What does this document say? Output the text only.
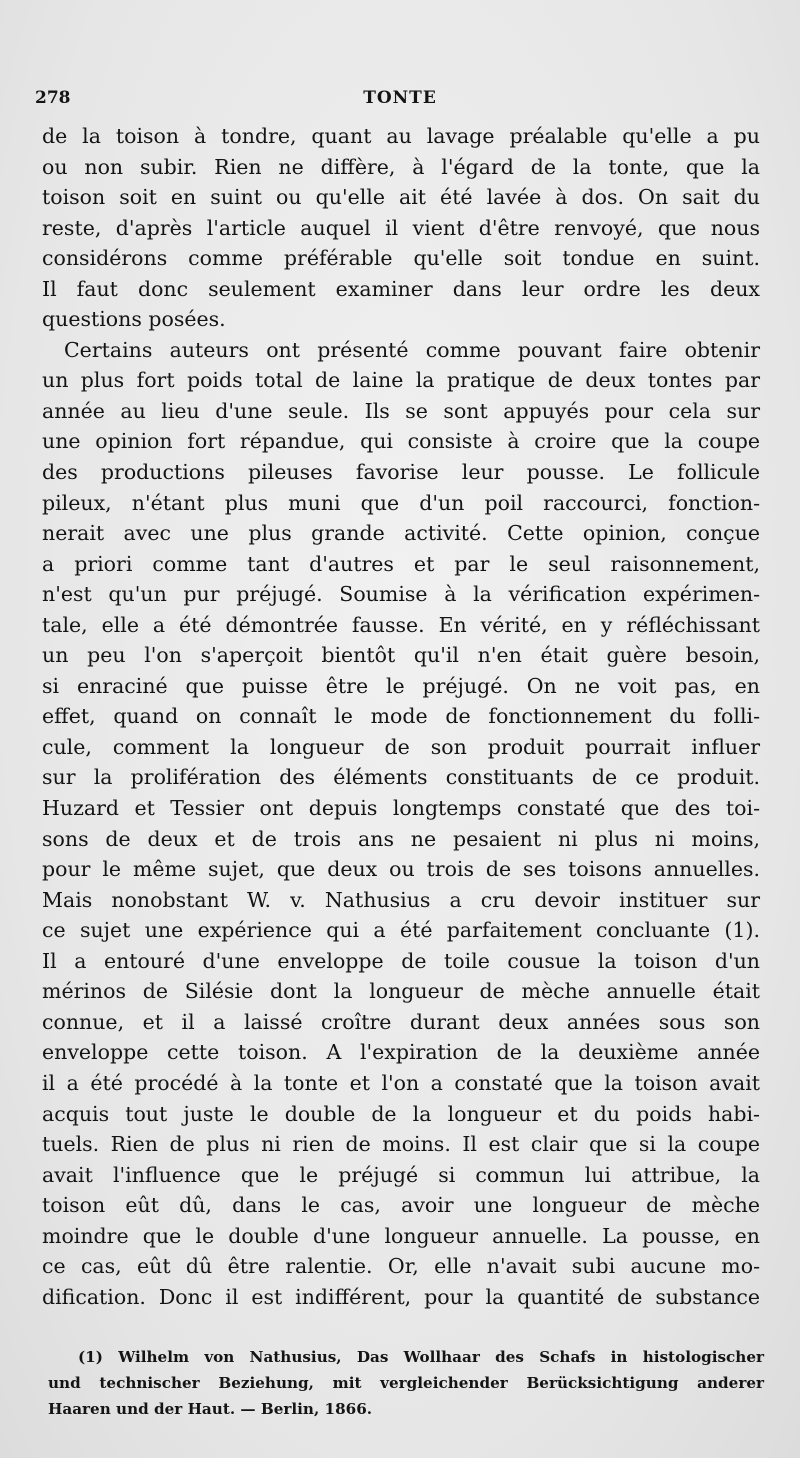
278	TONTE
de la toison à tondre, quant au lavage préalable qu'elle a pu
ou non subir. Rien ne diffère, à l'égard de la tonte, que la
toison soit en suint ou qu'elle ait été lavée à dos. On sait du
reste, d'après l'article auquel il vient d'être renvoyé, que nous
considérons comme préférable qu'elle soit tondue en suint.
Il faut donc seulement examiner dans leur ordre les deux
questions posées.
Certains auteurs ont présenté comme pouvant faire obtenir
un plus fort poids total de laine la pratique de deux tontes par
année au lieu d'une seule. Ils se sont appuyés pour cela sur
une opinion fort répandue, qui consiste à croire que la coupe
des productions pileuses favorise leur pousse. Le follicule
pileux, n'étant plus muni que d'un poil raccourci, fonction-
nerait avec une plus grande activité. Cette opinion, conçue
a priori comme tant d'autres et par le seul raisonnement,
n'est qu'un pur préjugé. Soumise à la vérification expérimen-
tale, elle a été démontrée fausse. En vérité, en y réfléchissant
un peu l'on s'aperçoit bientôt qu'il n'en était guère besoin,
si enraciné que puisse être le préjugé. On ne voit pas, en
effet, quand on connaît le mode de fonctionnement du folli-
cule, comment la longueur de son produit pourrait influer
sur la prolifération des éléments constituants de ce produit.
Huzard et Tessier ont depuis longtemps constaté que des toi-
sons de deux et de trois ans ne pesaient ni plus ni moins,
pour le même sujet, que deux ou trois de ses toisons annuelles.
Mais nonobstant W. v. Nathusius a cru devoir instituer sur
ce sujet une expérience qui a été parfaitement concluante (1).
Il a entouré d'une enveloppe de toile cousue la toison d'un
mérinos de Silésie dont la longueur de mèche annuelle était
connue, et il a laissé croître durant deux années sous son
enveloppe cette toison. A l'expiration de la deuxième année
il a été procédé à la tonte et l'on a constaté que la toison avait
acquis tout juste le double de la longueur et du poids habi-
tuels. Rien de plus ni rien de moins. Il est clair que si la coupe
avait l'influence que le préjugé si commun lui attribue, la
toison eût dû, dans le cas, avoir une longueur de mèche
moindre que le double d'une longueur annuelle. La pousse, en
ce cas, eût dû être ralentie. Or, elle n'avait subi aucune mo-
dification. Donc il est indifférent, pour la quantité de substance
(1) Wilhelm von Nathusius, Das Wollhaar des Schafs in histologischer
und technischer Beziehung, mit vergleichender Berücksichtigung anderer
Haaren und der Haut. — Berlin, 1866.
